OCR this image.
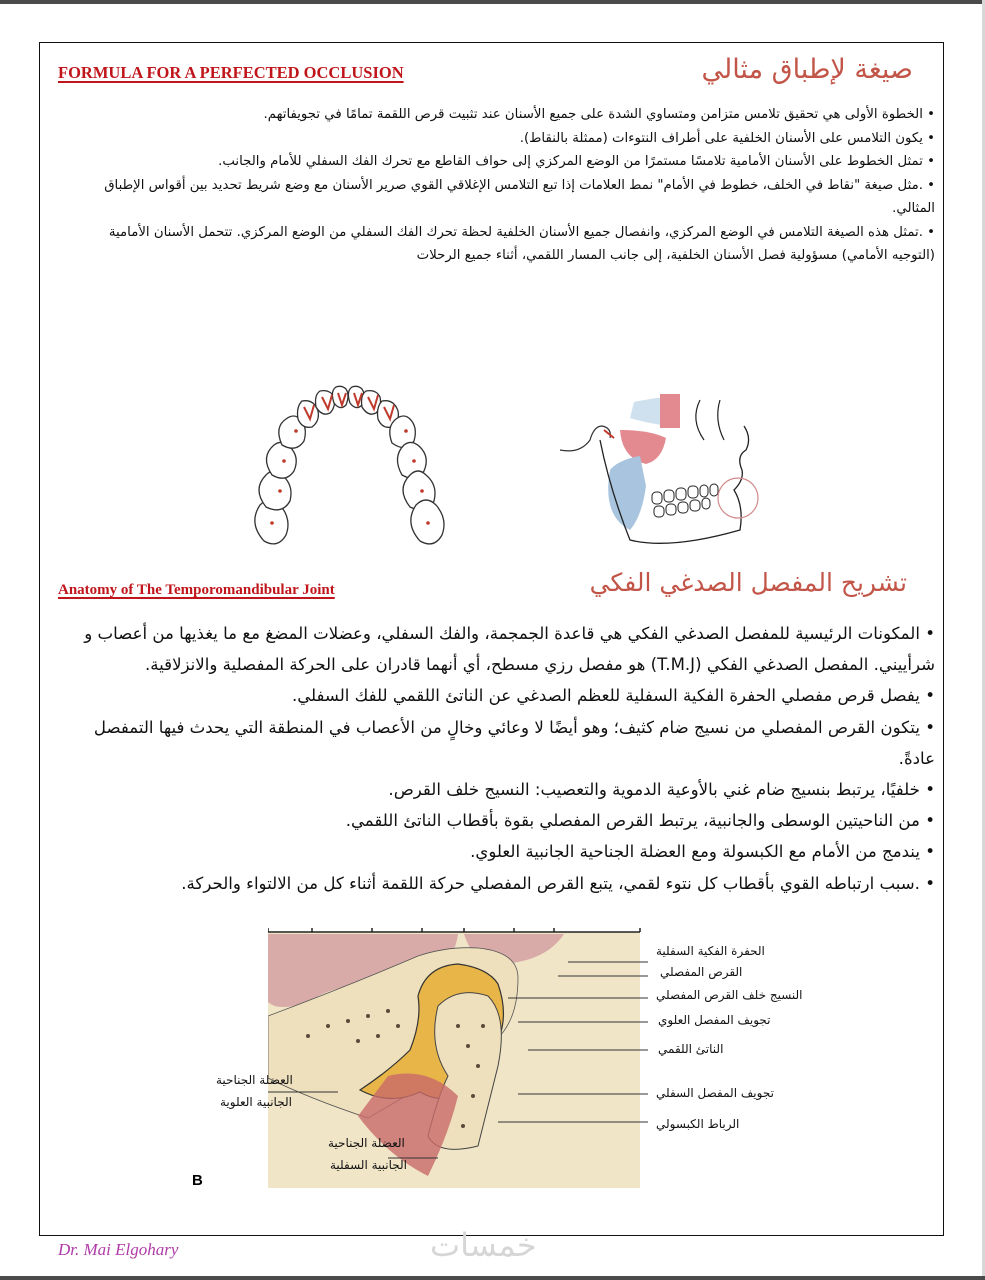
FORMULA FOR A PERFECTED OCCLUSION	صيغة لإطباق مثالي

• الخطوة الأولى هي تحقيق تلامس متزامن ومتساوي الشدة على جميع الأسنان عند تثبيت قرص اللقمة تمامًا في تجويفاتهم.

• يكون التلامس على الأسنان الخلفية على أطراف النتوءات (ممثلة بالنقاط).

• تمثل الخطوط على الأسنان الأمامية تلامسًا مستمرًا من الوضع المركزي إلى حواف القاطع مع تحرك الفك السفلي للأمام والجانب.

• .مثل صيغة "نقاط في الخلف، خطوط في الأمام" نمط العلامات إذا تبع التلامس الإغلاقي القوي صرير الأسنان مع وضع شريط تحديد بين أقواس الإطباق المثالي.

• .تمثل هذه الصيغة التلامس في الوضع المركزي، وانفصال جميع الأسنان الخلفية لحظة تحرك الفك السفلي من الوضع المركزي. تتحمل الأسنان الأمامية (التوجيه الأمامي) مسؤولية فصل الأسنان الخلفية، إلى جانب المسار اللقمي، أثناء جميع الرحلات

Anatomy of The Temporomandibular Joint	تشريح المفصل الصدغي الفكي

• المكونات الرئيسية للمفصل الصدغي الفكي هي قاعدة الجمجمة، والفك السفلي، وعضلات المضغ مع ما يغذيها من أعصاب و شرأييني. المفصل الصدغي الفكي (T.M.J) هو مفصل رزي مسطح، أي أنهما قادران على الحركة المفصلية والانزلاقية.

• يفصل قرص مفصلي الحفرة الفكية السفلية للعظم الصدغي عن الناتئ اللقمي للفك السفلي.

• يتكون القرص المفصلي من نسيج ضام كثيف؛ وهو أيضًا لا وعائي وخالٍ من الأعصاب في المنطقة التي يحدث فيها التمفصل عادةً.

• خلفيًا، يرتبط بنسيج ضام غني بالأوعية الدموية والتعصيب: النسيج خلف القرص.

• من الناحيتين الوسطى والجانبية، يرتبط القرص المفصلي بقوة بأقطاب الناتئ اللقمي.

• يندمج من الأمام مع الكبسولة ومع العضلة الجناحية الجانبية العلوي.

• .سبب ارتباطه القوي بأقطاب كل نتوء لقمي، يتبع القرص المفصلي حركة اللقمة أثناء كل من الالتواء والحركة.

الحفرة الفكية السفلية
القرص المفصلي
النسيج خلف القرص المفصلي
تجويف المفصل العلوي
الناتئ اللقمي
تجويف المفصل السفلي
الرباط الكبسولي
العضلة الجناحية
الجانبية العلوية
العضلة الجناحية
الجانبية السفلية
B
Dr. Mai Elgohary	خمسات
